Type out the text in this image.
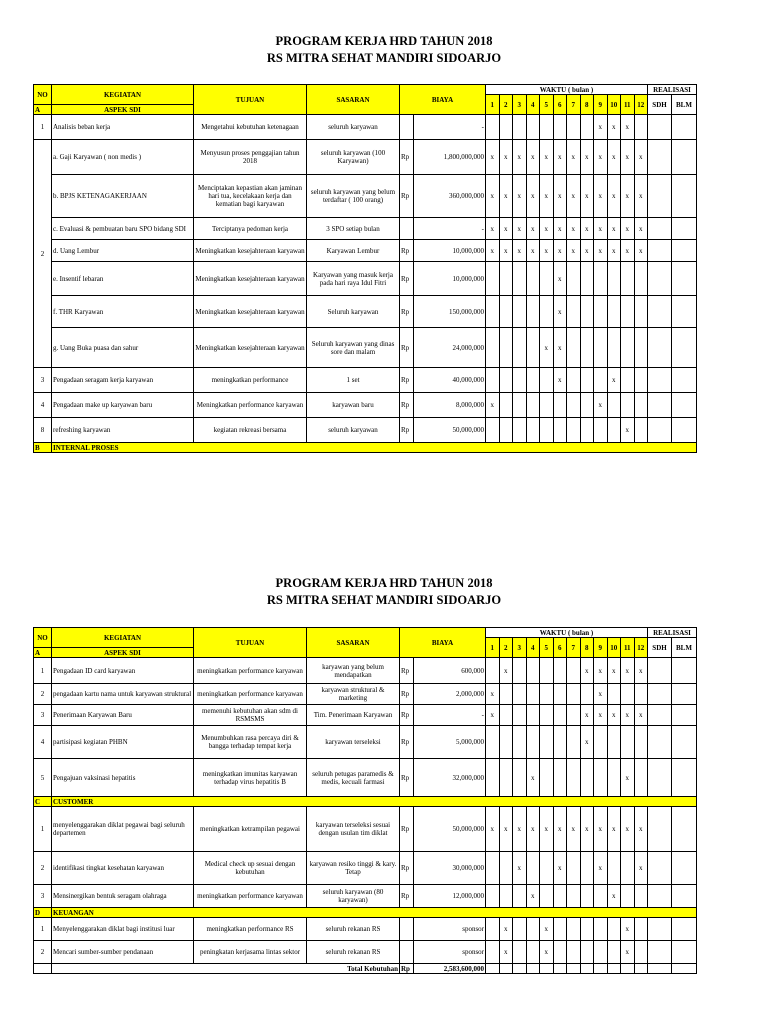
PROGRAM KERJA HRD TAHUN 2018
RS MITRA SEHAT MANDIRI SIDOARJO
NO	KEGIATAN	TUJUAN	SASARAN	BIAYA		WAKTU ( bulan )												REALISASI	
						1	2	3	4	5	6	7	8	9	10	11	12	SDH	BLM
A	ASPEK SDI																		
1	Analisis beban kerja	Mengetahui kebutuhan ketenagaan	seluruh karyawan		-									x	x	x			
2	a. Gaji Karyawan ( non medis )	Menyusun proses penggajian tahun 2018	seluruh karyawan (100 Karyawan)	Rp	1,800,000,000	x	x	x	x	x	x	x	x	x	x	x	x		
	b. BPJS KETENAGAKERJAAN	Menciptakan kepastian akan jaminan hari tua, kecelakaan kerja dan kematian bagi karyawan	seluruh karyawan yang belum terdaftar ( 100 orang)	Rp	360,000,000	x	x	x	x	x	x	x	x	x	x	x	x		
	c. Evaluasi & pembuatan baru SPO bidang SDI	Terciptanya pedoman kerja	3 SPO setiap bulan		-	x	x	x	x	x	x	x	x	x	x	x	x		
	d. Uang Lembur	Meningkatkan kesejahteraan karyawan	Karyawan Lembur	Rp	10,000,000	x	x	x	x	x	x	x	x	x	x	x	x		
	e. Insentif lebaran	Meningkatkan kesejahteraan karyawan	Karyawan yang masuk kerja pada hari raya Idul Fitri	Rp	10,000,000						x								
	f. THR Karyawan	Meningkatkan kesejahteraan karyawan	Seluruh karyawan	Rp	150,000,000						x								
	g. Uang Buka puasa dan sahur	Meningkatkan kesejahteraan karyawan	Seluruh karyawan yang dinas sore dan malam	Rp	24,000,000					x	x								
3	Pengadaan seragam kerja karyawan	meningkatkan performance	1 set	Rp	40,000,000						x				x				
4	Pengadaan make up karyawan baru	Meningkatkan performance karyawan	karyawan baru	Rp	8,000,000	x								x					
8	refreshing karyawan	kegiatan rekreasi bersama	seluruh karyawan	Rp	50,000,000											x			
B	INTERNAL PROSES																		
PROGRAM KERJA HRD TAHUN 2018
RS MITRA SEHAT MANDIRI SIDOARJO
NO	KEGIATAN	TUJUAN	SASARAN	BIAYA		WAKTU ( bulan )												REALISASI	
						1	2	3	4	5	6	7	8	9	10	11	12	SDH	BLM
A	ASPEK SDI																		
1	Pengadaan ID card karyawan	meningkatkan performance karyawan	karyawan yang belum mendapatkan	Rp	600,000		x						x	x	x	x	x		
2	pengadaan kartu nama untuk karyawan struktural	meningkatkan performance karyawan	karyawan struktural & marketing	Rp	2,000,000	x								x					
3	Penerimaan Karyawan Baru	memenuhi kebutuhan akan sdm di RSMSMS	Tim. Penerimaan Karyawan	Rp	-	x							x	x	x	x	x		
4	partisipasi kegiatan PHBN	Menumbuhkan rasa percaya diri & bangga terhadap tempat kerja	karyawan terseleksi	Rp	5,000,000								x						
5	Pengajuan vaksinasi hepatitis	meningkatkan imunitas karyawan terhadap virus hepatitis B	seluruh petugas paramedis & medis, kecuali farmasi	Rp	32,000,000				x							x			
C	CUSTOMER																		
1	menyelenggarakan diklat pegawai bagi seluruh departemen	meningkatkan ketrampilan pegawai	karyawan terseleksi sesuai dengan usulan tim diklat	Rp	50,000,000	x	x	x	x	x	x	x	x	x	x	x	x		
2	identifikasi tingkat kesehatan karyawan	Medical check up sesuai dengan kebutuhan	karyawan resiko tinggi & kary. Tetap	Rp	30,000,000			x			x			x			x		
3	Mensinergikan bentuk seragam olahraga	meningkatkan performance karyawan	seluruh karyawan (80 karyawan)	Rp	12,000,000				x						x				
D	KEUANGAN																		
1	Menyelenggarakan diklat bagi institusi luar	meningkatkan performance RS	seluruh rekanan RS		sponsor		x			x						x			
2	Mencari sumber-sumber pendanaan	peningkatan kerjasama lintas sektor	seluruh rekanan RS		sponsor		x			x						x			
	Total Kebutuhan			Rp	2,583,600,000														
